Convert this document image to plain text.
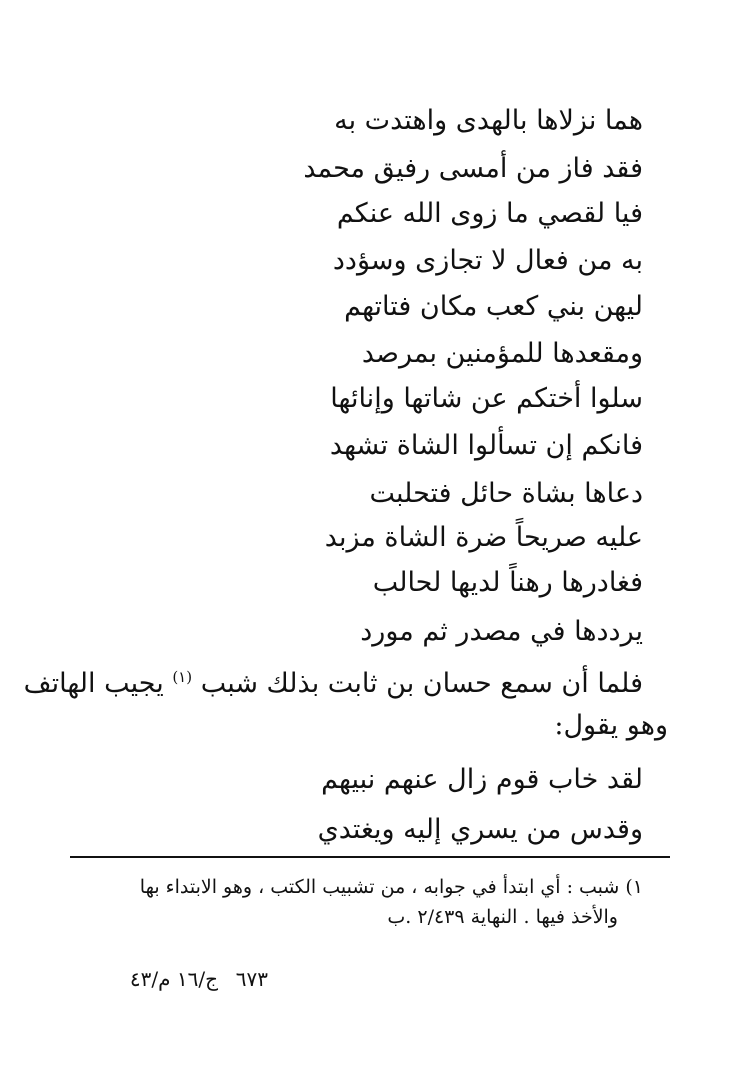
هما نزلاها بالهدى واهتدت به
فقد فاز من أمسى رفيق محمد
فيا لقصي ما زوى الله عنكم
به من فعال لا تجازى وسؤدد
ليهن بني كعب مكان فتاتهم
ومقعدها للمؤمنين بمرصد
سلوا أختكم عن شاتها وإنائها
فانكم إن تسألوا الشاة تشهد
دعاها بشاة حائل فتحلبت
عليه صريحاً ضرة الشاة مزبد
فغادرها رهناً لديها لحالب
يرددها في مصدر ثم مورد
فلما أن سمع حسان بن ثابت بذلك شبب $^{(١)}$ يجيب الهاتف
وهو يقول:
لقد خاب قوم زال عنهم نبيهم
وقدس من يسري إليه ويغتدي
١) شبب : أي ابتدأ في جوابه ، من تشبيب الكتب ، وهو الابتداء بها
والأخذ فيها . النهاية ٢/٤٣٩ .ب
٦٧٣
ج/١٦ م/٤٣
